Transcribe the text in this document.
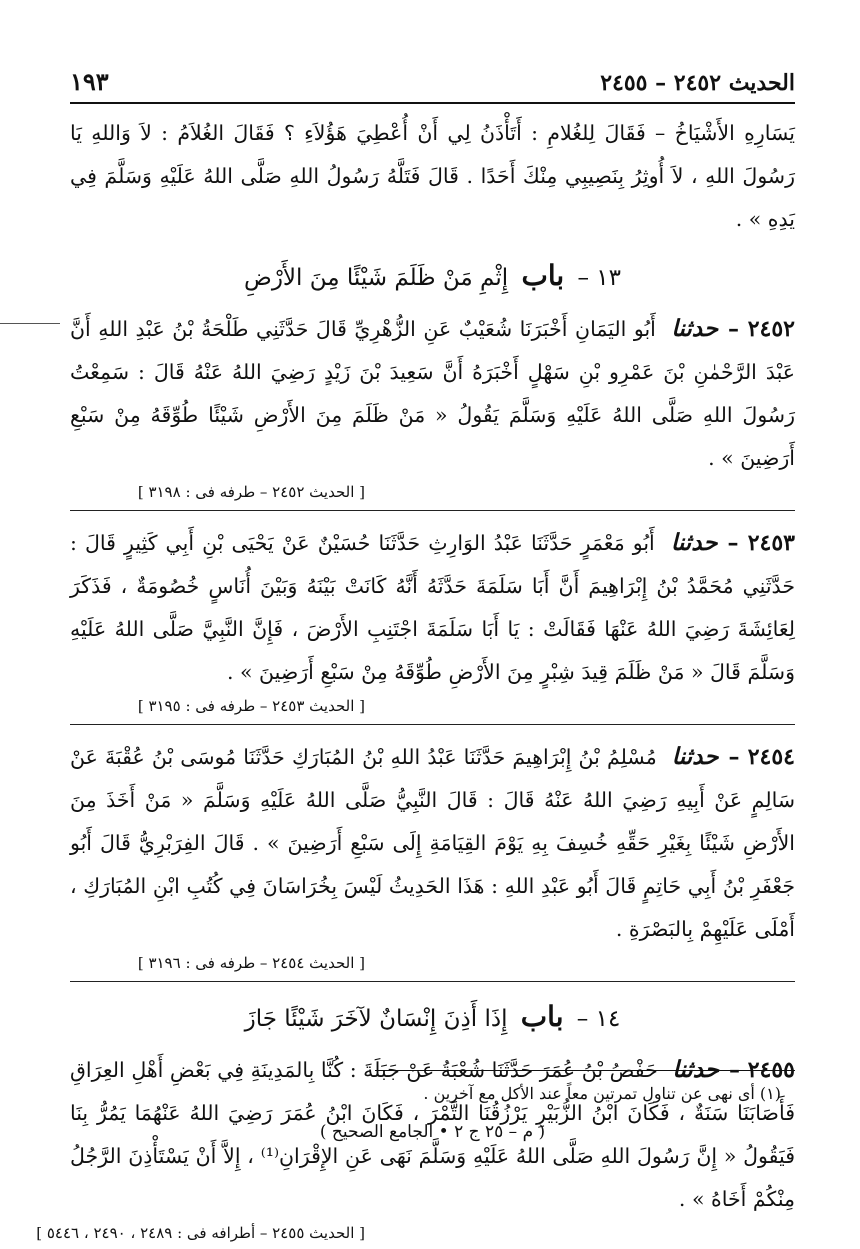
الحديث ٢٤٥٢ – ٢٤٥٥
١٩٣

يَسَارِهِ الأَشْيَاخُ – فَقَالَ لِلغُلامِ : أَتَأْذَنُ لِي أَنْ أُعْطِيَ هَؤُلاَءِ ؟ فَقَالَ الغُلاَمُ : لاَ وَاللهِ يَا رَسُولَ اللهِ ، لاَ أُوثِرُ بِنَصِيبِي مِنْكَ أَحَدًا . قَالَ فَتَلَّهُ رَسُولُ اللهِ صَلَّى اللهُ عَلَيْهِ وَسَلَّمَ فِي يَدِهِ » .

١٣ – باب إِثْمِ مَنْ ظَلَمَ شَيْئًا مِنَ الأَرْضِ

٢٤٥٢ –حدثنا أَبُو اليَمَانِ أَخْبَرَنَا شُعَيْبٌ عَنِ الزُّهْرِيِّ قَالَ حَدَّثَنِي طَلْحَةُ بْنُ عَبْدِ اللهِ أَنَّ عَبْدَ الرَّحْمٰنِ بْنَ عَمْرِو بْنِ سَهْلٍ أَخْبَرَهُ أَنَّ سَعِيدَ بْنَ زَيْدٍ رَضِيَ اللهُ عَنْهُ قَالَ : سَمِعْتُ رَسُولَ اللهِ صَلَّى اللهُ عَلَيْهِ وَسَلَّمَ يَقُولُ « مَنْ ظَلَمَ مِنَ الأَرْضِ شَيْئًا طُوِّقَهُ مِنْ سَبْعِ أَرَضِينَ » .

[ الحديث ٢٤٥٢ – طرفه فى : ٣١٩٨ ]

٢٤٥٣ –حدثنا أَبُو مَعْمَرٍ حَدَّثَنَا عَبْدُ الوَارِثِ حَدَّثَنَا حُسَيْنٌ عَنْ يَحْيَى بْنِ أَبِي كَثِيرٍ قَالَ : حَدَّثَنِي مُحَمَّدُ بْنُ إِبْرَاهِيمَ أَنَّ أَبَا سَلَمَةَ حَدَّثَهُ أَنَّهُ كَانَتْ بَيْنَهُ وَبَيْنَ أُنَاسٍ خُصُومَةٌ ، فَذَكَرَ لِعَائِشَةَ رَضِيَ اللهُ عَنْهَا فَقَالَتْ : يَا أَبَا سَلَمَةَ اجْتَنِبِ الأَرْضَ ، فَإِنَّ النَّبِيَّ صَلَّى اللهُ عَلَيْهِ وَسَلَّمَ قَالَ « مَنْ ظَلَمَ قِيدَ شِبْرٍ مِنَ الأَرْضِ طُوِّقَهُ مِنْ سَبْعِ أَرَضِينَ » .

[ الحديث ٢٤٥٣ – طرفه فى : ٣١٩٥ ]

٢٤٥٤ –حدثنا مُسْلِمُ بْنُ إِبْرَاهِيمَ حَدَّثَنَا عَبْدُ اللهِ بْنُ المُبَارَكِ حَدَّثَنَا مُوسَى بْنُ عُقْبَةَ عَنْ سَالِمٍ عَنْ أَبِيهِ رَضِيَ اللهُ عَنْهُ قَالَ : قَالَ النَّبِيُّ صَلَّى اللهُ عَلَيْهِ وَسَلَّمَ « مَنْ أَخَذَ مِنَ الأَرْضِ شَيْئًا بِغَيْرِ حَقِّهِ خُسِفَ بِهِ يَوْمَ القِيَامَةِ إِلَى سَبْعِ أَرَضِينَ » . قَالَ الفِرَبْرِيُّ قَالَ أَبُو جَعْفَرِ بْنُ أَبِي حَاتِمٍ قَالَ أَبُو عَبْدِ اللهِ : هَذَا الحَدِيثُ لَيْسَ بِخُرَاسَانَ فِي كُتُبِ ابْنِ المُبَارَكِ ، أَمْلَى عَلَيْهِمْ بِالبَصْرَةِ .

[ الحديث ٢٤٥٤ – طرفه فى : ٣١٩٦ ]
١٤ – باب إِذَا أَذِنَ إِنْسَانٌ لآخَرَ شَيْئًا جَازَ

٢٤٥٥ –حدثنا حَفْصُ بْنُ عُمَرَ حَدَّثَنَا شُعْبَةُ عَنْ جَبَلَةَ : كُنَّا بِالمَدِينَةِ فِي بَعْضِ أَهْلِ العِرَاقِ فَأَصَابَنَا سَنَةٌ ، فَكَانَ ابْنُ الزُّبَيْرِ يَرْزُقُنَا التَّمْرَ ، فَكَانَ ابْنُ عُمَرَ رَضِيَ اللهُ عَنْهُمَا يَمُرُّ بِنَا فَيَقُولُ « إِنَّ رَسُولَ اللهِ صَلَّى اللهُ عَلَيْهِ وَسَلَّمَ نَهَى عَنِ الإِقْرَانِ⁽¹⁾ ، إِلاَّ أَنْ يَسْتَأْذِنَ الرَّجُلُ مِنْكُمْ أَخَاهُ » .

[ الحديث ٢٤٥٥ – أطرافه فى : ٢٤٨٩ ، ٢٤٩٠ ، ٥٤٤٦ ]
(١) أى نهى عن تناول تمرتين معاً عند الأكل مع آخرين .
( م – ٢٥ ج ٢ • الجامع الصحيح )
